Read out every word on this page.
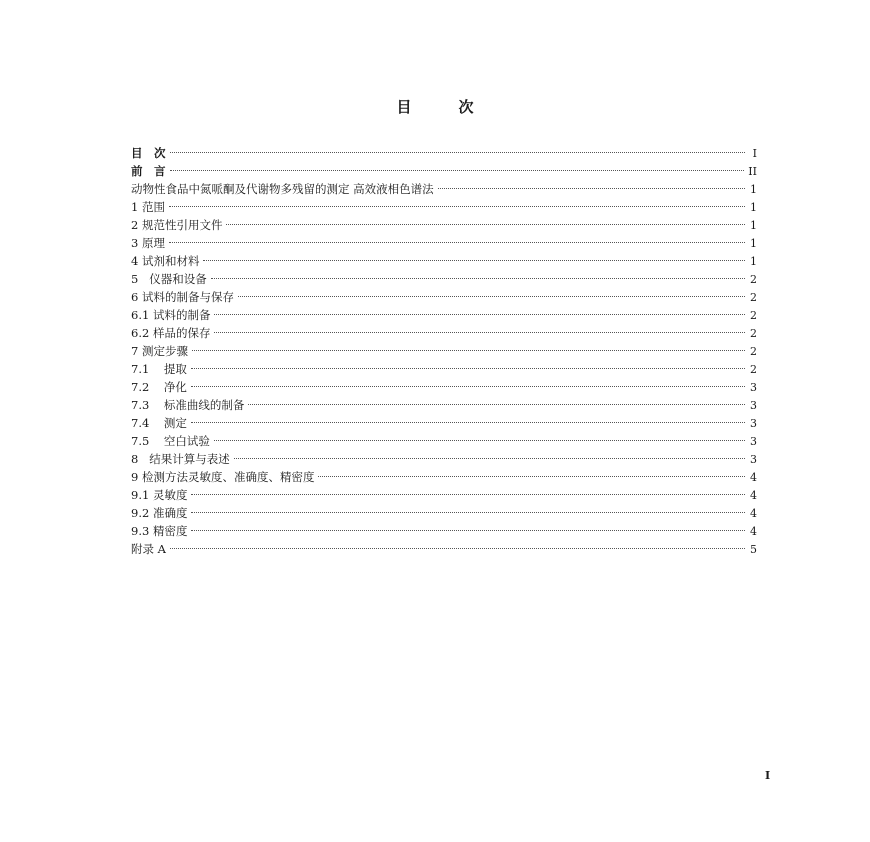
目　次
目　次	I
前　言	II
动物性食品中氮哌酮及代谢物多残留的测定 高效液相色谱法	1
1 范围	1
2 规范性引用文件	1
3 原理	1
4 试剂和材料	1
5   仪器和设备	2
6 试料的制备与保存	2
6.1 试料的制备	2
6.2 样品的保存	2
7 测定步骤	2
7.1    提取	2
7.2    净化	3
7.3    标准曲线的制备	3
7.4    测定	3
7.5    空白试验	3
8   结果计算与表述	3
9 检测方法灵敏度、准确度、精密度	4
9.1 灵敏度	4
9.2 准确度	4
9.3 精密度	4
附录 A	5
I
